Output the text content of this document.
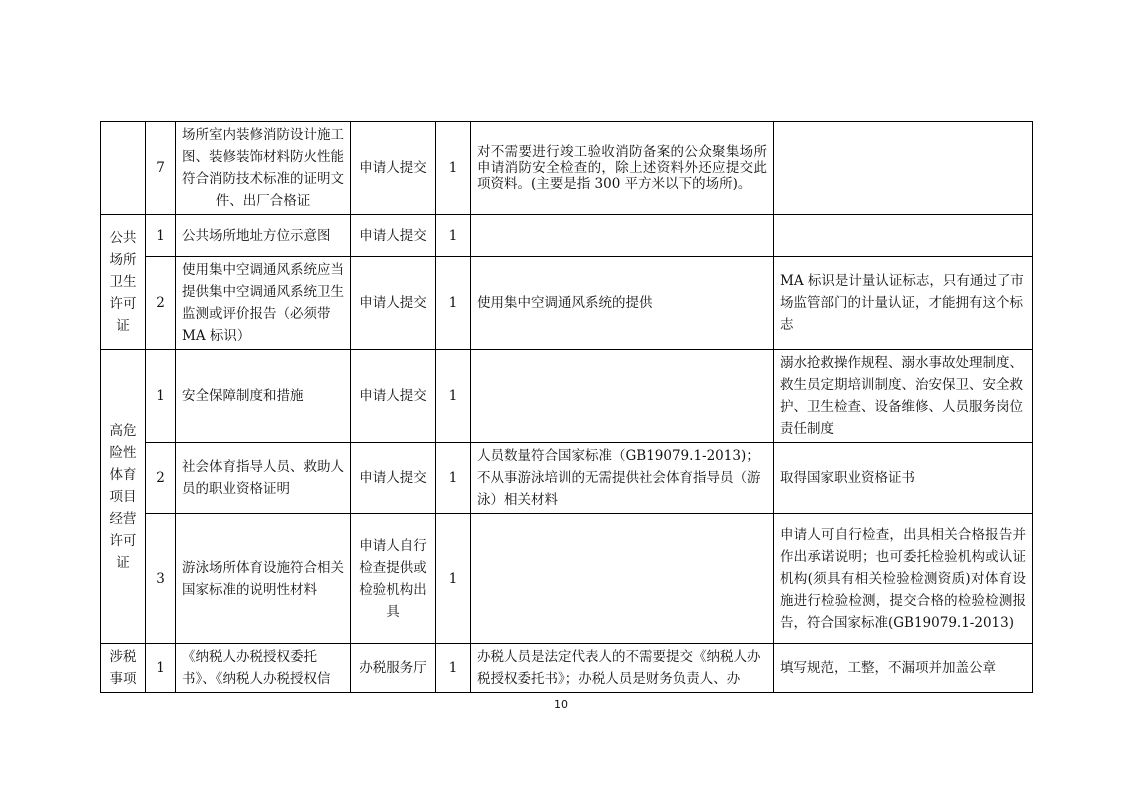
	7	场所室内装修消防设计施工图、装修装饰材料防火性能符合消防技术标准的证明文件、出厂合格证	申请人提交	1	对不需要进行竣工验收消防备案的公众聚集场所申请消防安全检查的，除上述资料外还应提交此项资料。(主要是指 300 平方米以下的场所)。	
公共场所卫生许可证	1	公共场所地址方位示意图	申请人提交	1		
	2	使用集中空调通风系统应当提供集中空调通风系统卫生监测或评价报告（必须带 MA 标识）	申请人提交	1	使用集中空调通风系统的提供	MA 标识是计量认证标志，只有通过了市场监管部门的计量认证，才能拥有这个标志
高危险性体育项目经营许可证	1	安全保障制度和措施	申请人提交	1		溺水抢救操作规程、溺水事故处理制度、救生员定期培训制度、治安保卫、安全救护、卫生检查、设备维修、人员服务岗位责任制度
	2	社会体育指导人员、救助人员的职业资格证明	申请人提交	1	人员数量符合国家标准（GB19079.1-2013)；不从事游泳培训的无需提供社会体育指导员（游泳）相关材料	取得国家职业资格证书
	3	游泳场所体育设施符合相关国家标准的说明性材料	申请人自行检查提供或检验机构出具	1		申请人可自行检查，出具相关合格报告并作出承诺说明；也可委托检验机构或认证机构(须具有相关检验检测资质)对体育设施进行检验检测，提交合格的检验检测报告，符合国家标准(GB19079.1-2013)
涉税事项	1	《纳税人办税授权委托书》、《纳税人办税授权信	办税服务厅	1	办税人员是法定代表人的不需要提交《纳税人办税授权委托书》；办税人员是财务负责人、办	填写规范，工整，不漏项并加盖公章
10
